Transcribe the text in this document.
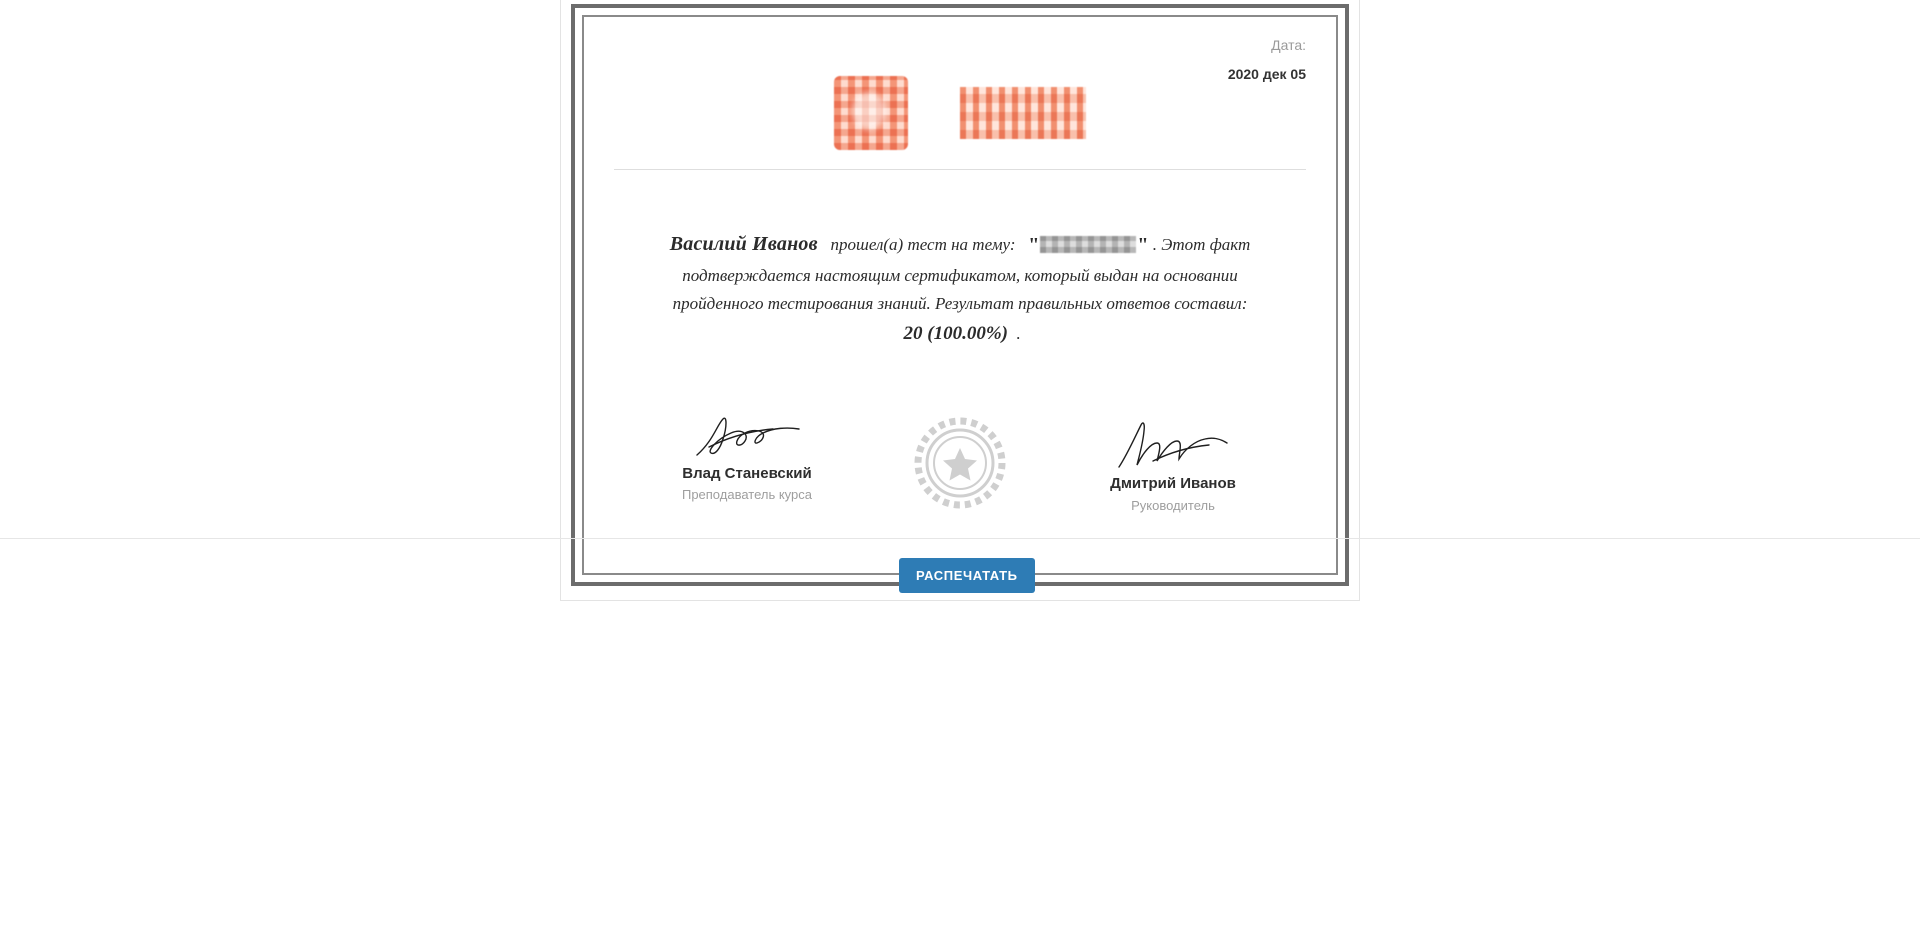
Дата:
2020 дек 05
Василий Иванов прошел(а) тест на тему: "	" . Этот факт подтверждается настоящим сертификатом, который выдан на основании пройденного тестирования знаний. Результат правильных ответов составил:  20 (100.00%) .
Влад Станевский
Преподаватель курса
Дмитрий Иванов
Руководитель
РАСПЕЧАТАТЬ
